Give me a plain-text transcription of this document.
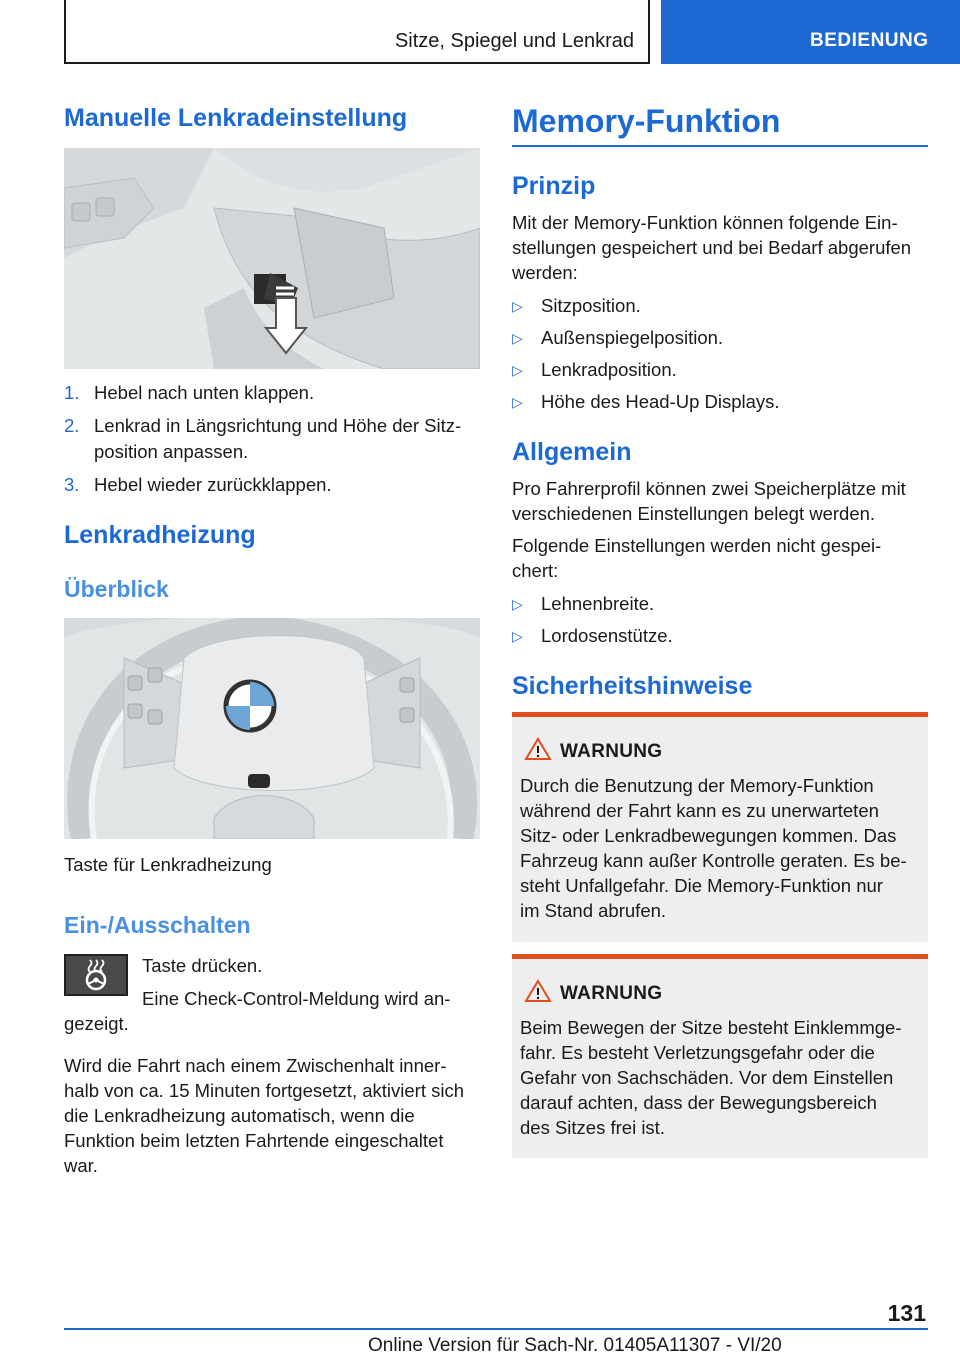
Sitze, Spiegel und Lenkrad	BEDIENUNG
Manuelle Lenkradeinstellung
1. Hebel nach unten klappen.
2. Lenkrad in Längsrichtung und Höhe der Sitz-
position anpassen.
3. Hebel wieder zurückklappen.
Lenkradheizung
Überblick
Taste für Lenkradheizung
Ein-/Ausschalten
Taste drücken.
Eine Check-Control-Meldung wird an-
gezeigt.
Wird die Fahrt nach einem Zwischenhalt inner-
halb von ca. 15 Minuten fortgesetzt, aktiviert sich
die Lenkradheizung automatisch, wenn die
Funktion beim letzten Fahrtende eingeschaltet
war.
Memory-Funktion
Prinzip
Mit der Memory-Funktion können folgende Ein-
stellungen gespeichert und bei Bedarf abgerufen
werden:
▷ Sitzposition.
▷ Außenspiegelposition.
▷ Lenkradposition.
▷ Höhe des Head-Up Displays.
Allgemein
Pro Fahrerprofil können zwei Speicherplätze mit
verschiedenen Einstellungen belegt werden.
Folgende Einstellungen werden nicht gespei-
chert:
▷ Lehnenbreite.
▷ Lordosenstütze.
Sicherheitshinweise
WARNUNG
Durch die Benutzung der Memory-Funktion
während der Fahrt kann es zu unerwarteten
Sitz- oder Lenkradbewegungen kommen. Das
Fahrzeug kann außer Kontrolle geraten. Es be-
steht Unfallgefahr. Die Memory-Funktion nur
im Stand abrufen.
WARNUNG
Beim Bewegen der Sitze besteht Einklemmge-
fahr. Es besteht Verletzungsgefahr oder die
Gefahr von Sachschäden. Vor dem Einstellen
darauf achten, dass der Bewegungsbereich
des Sitzes frei ist.
131
Online Version für Sach-Nr. 01405A11307 - VI/20
